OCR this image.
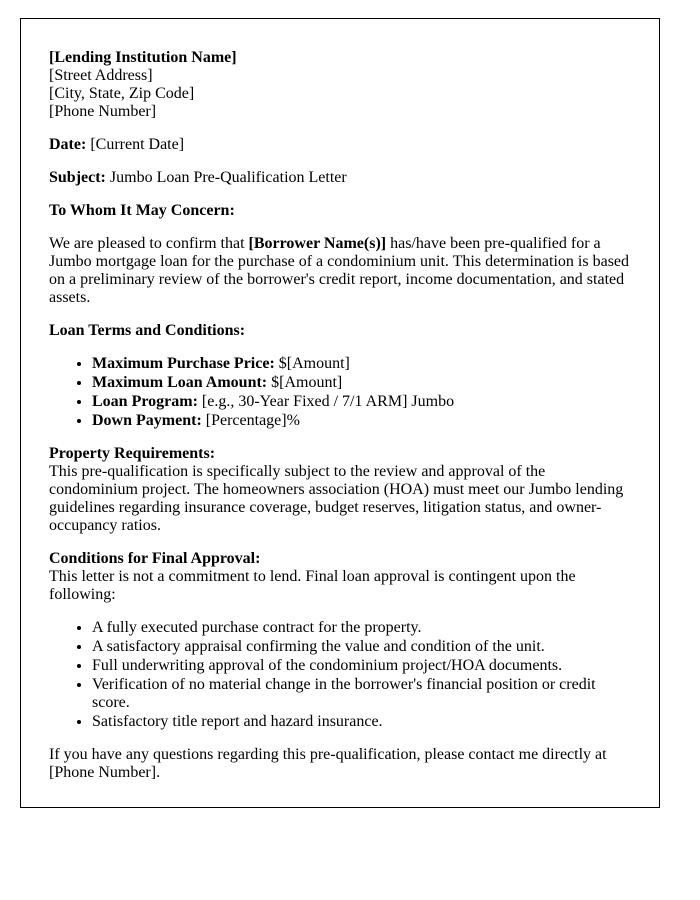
[Lending Institution Name]
[Street Address]
[City, State, Zip Code]
[Phone Number]

Date: [Current Date]

Subject: Jumbo Loan Pre-Qualification Letter

To Whom It May Concern:

We are pleased to confirm that [Borrower Name(s)] has/have been pre-qualified for a Jumbo mortgage loan for the purchase of a condominium unit. This determination is based on a preliminary review of the borrower's credit report, income documentation, and stated assets.

Loan Terms and Conditions:
• Maximum Purchase Price: $[Amount]
• Maximum Loan Amount: $[Amount]
• Loan Program: [e.g., 30-Year Fixed / 7/1 ARM] Jumbo
• Down Payment: [Percentage]%
Property Requirements:

This pre-qualification is specifically subject to the review and approval of the condominium project. The homeowners association (HOA) must meet our Jumbo lending guidelines regarding insurance coverage, budget reserves, litigation status, and owner-occupancy ratios.

Conditions for Final Approval:

This letter is not a commitment to lend. Final loan approval is contingent upon the following:

• A fully executed purchase contract for the property.
• A satisfactory appraisal confirming the value and condition of the unit.
• Full underwriting approval of the condominium project/HOA documents.
• Verification of no material change in the borrower's financial position or credit score.
• Satisfactory title report and hazard insurance.

If you have any questions regarding this pre-qualification, please contact me directly at [Phone Number].
